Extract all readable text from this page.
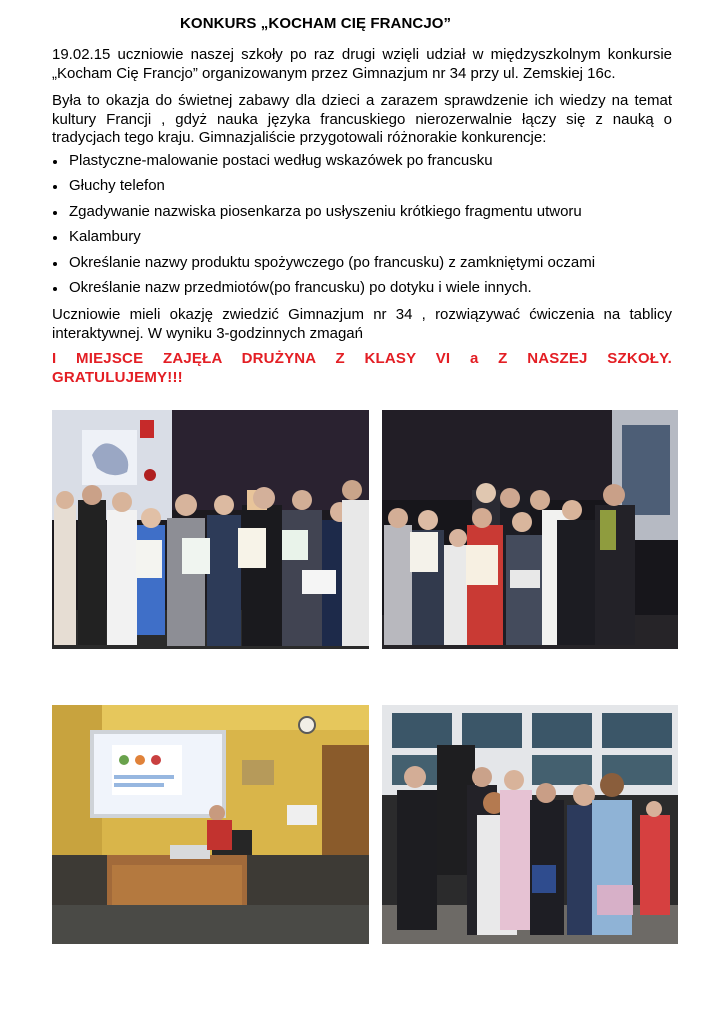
KONKURS „KOCHAM CIĘ FRANCJO”
19.02.15 uczniowie naszej szkoły po raz drugi wzięli udział w międzyszkolnym konkursie „Kocham Cię Francjo” organizowanym przez Gimnazjum nr 34 przy ul. Zemskiej 16c.
Była to okazja do świetnej zabawy dla dzieci a zarazem sprawdzenie ich wiedzy na temat kultury Francji , gdyż nauka języka francuskiego nierozerwalnie łączy się z nauką o tradycjach tego kraju. Gimnazjaliście przygotowali różnorakie konkurencje:
Plastyczne-malowanie postaci według wskazówek po francusku
Głuchy telefon
Zgadywanie nazwiska piosenkarza po usłyszeniu krótkiego fragmentu utworu
Kalambury
Określanie nazwy produktu spożywczego (po francusku) z zamkniętymi oczami
Określanie nazw przedmiotów(po francusku) po dotyku i wiele innych.
Uczniowie mieli okazję zwiedzić Gimnazjum nr 34 , rozwiązywać ćwiczenia na tablicy interaktywnej. W wyniku 3-godzinnych zmagań
I MIEJSCE ZAJĘŁA DRUŻYNA Z KLASY VI a Z NASZEJ SZKOŁY.
GRATULUJEMY!!!
